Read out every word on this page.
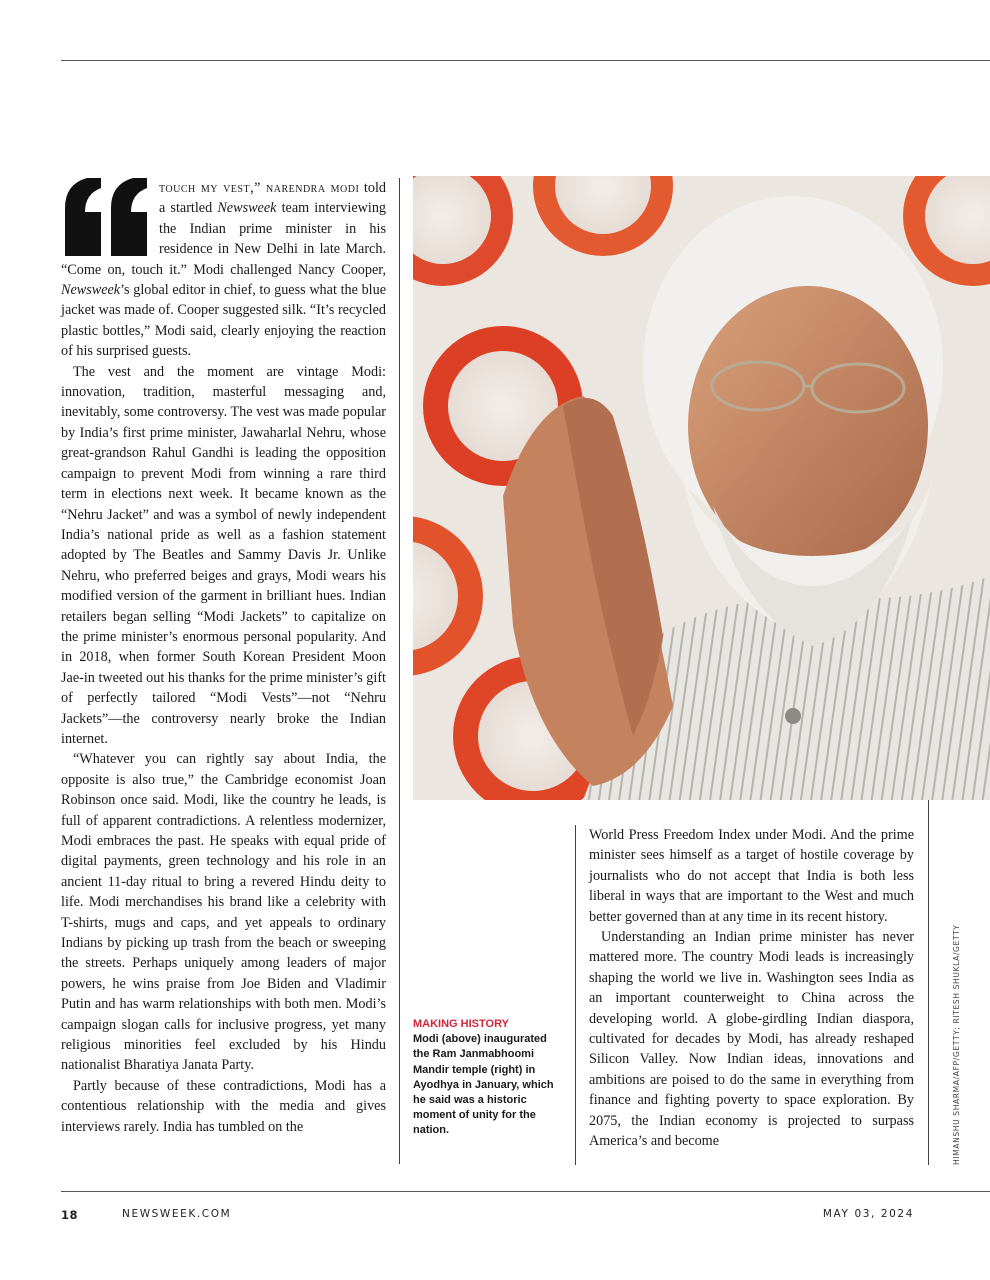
touch my vest,” narendra modi told a startled Newsweek team interviewing the Indian prime minister in his residence in New Delhi in late March. “Come on, touch it.” Modi challenged Nancy Cooper, Newsweek’s global editor in chief, to guess what the blue jacket was made of. Cooper suggested silk. “It’s recycled plastic bottles,” Modi said, clearly enjoying the reaction of his surprised guests.

The vest and the moment are vintage Modi: innovation, tradition, masterful messaging and, inevitably, some controversy. The vest was made popular by India’s first prime minister, Jawaharlal Nehru, whose great-grandson Rahul Gandhi is leading the opposition campaign to prevent Modi from winning a rare third term in elections next week. It became known as the “Nehru Jacket” and was a symbol of newly independent India’s national pride as well as a fashion statement adopted by The Beatles and Sammy Davis Jr. Unlike Nehru, who preferred beiges and grays, Modi wears his modified version of the garment in brilliant hues. Indian retailers began selling “Modi Jackets” to capitalize on the prime minister’s enormous personal popularity. And in 2018, when former South Korean President Moon Jae-in tweeted out his thanks for the prime minister’s gift of perfectly tailored “Modi Vests”—not “Nehru Jackets”—the controversy nearly broke the Indian internet.

“Whatever you can rightly say about India, the opposite is also true,” the Cambridge economist Joan Robinson once said. Modi, like the country he leads, is full of apparent contradictions. A relentless modernizer, Modi embraces the past. He speaks with equal pride of digital payments, green technology and his role in an ancient 11-day ritual to bring a revered Hindu deity to life. Modi merchandises his brand like a celebrity with T-shirts, mugs and caps, and yet appeals to ordinary Indians by picking up trash from the beach or sweeping the streets. Perhaps uniquely among leaders of major powers, he wins praise from Joe Biden and Vladimir Putin and has warm relationships with both men. Modi’s campaign slogan calls for inclusive progress, yet many religious minorities feel excluded by his Hindu nationalist Bharatiya Janata Party.

Partly because of these contradictions, Modi has a contentious relationship with the media and gives interviews rarely. India has tumbled on the

MAKING HISTORY
Modi (above) inaugurated the Ram Janmabhoomi Mandir temple (right) in Ayodhya in January, which he said was a historic moment of unity for the nation.

World Press Freedom Index under Modi. And the prime minister sees himself as a target of hostile coverage by journalists who do not accept that India is both less liberal in ways that are important to the West and much better governed than at any time in its recent history.

Understanding an Indian prime minister has never mattered more. The country Modi leads is increasingly shaping the world we live in. Washington sees India as an important counterweight to China across the developing world. A globe-girdling Indian diaspora, cultivated for decades by Modi, has already reshaped Silicon Valley. Now Indian ideas, innovations and ambitions are poised to do the same in everything from finance and fighting poverty to space exploration. By 2075, the Indian economy is projected to surpass America’s and become	HIMANSHU SHARMA/AFP/GETTY; RITESH SHUKLA/GETTY
18	NEWSWEEK.COM	MAY 03, 2024
